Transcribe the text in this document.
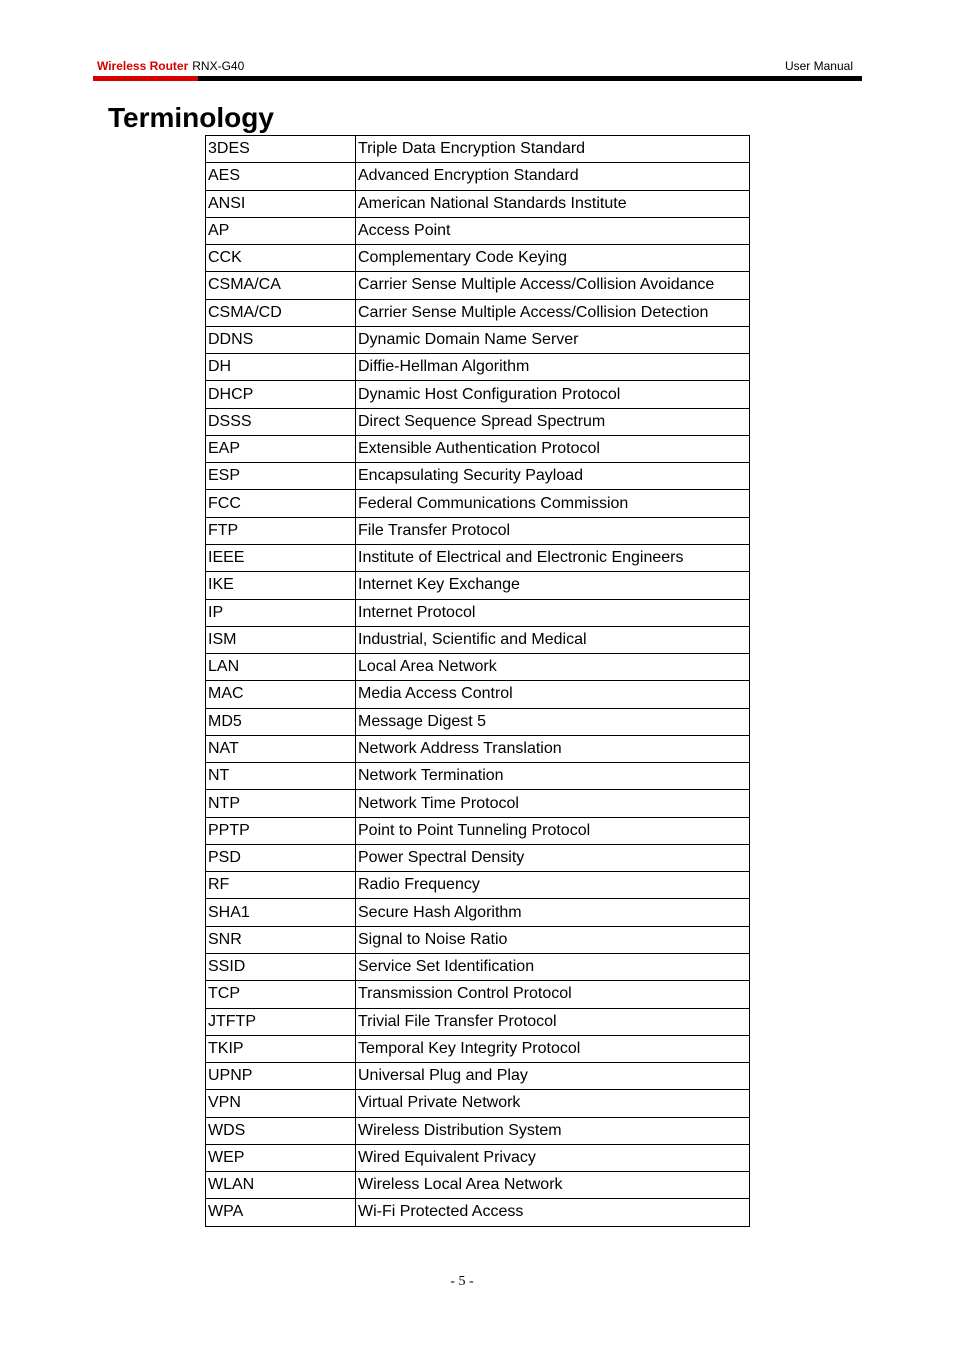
Wireless Router RNX-G40	User Manual
Terminology
3DES	Triple Data Encryption Standard
AES	Advanced Encryption Standard
ANSI	American National Standards Institute
AP	Access Point
CCK	Complementary Code Keying
CSMA/CA	Carrier Sense Multiple Access/Collision Avoidance
CSMA/CD	Carrier Sense Multiple Access/Collision Detection
DDNS	Dynamic Domain Name Server
DH	Diffie-Hellman Algorithm
DHCP	Dynamic Host Configuration Protocol
DSSS	Direct Sequence Spread Spectrum
EAP	Extensible Authentication Protocol
ESP	Encapsulating Security Payload
FCC	Federal Communications Commission
FTP	File Transfer Protocol
IEEE	Institute of Electrical and Electronic Engineers
IKE	Internet Key Exchange
IP	Internet Protocol
ISM	Industrial, Scientific and Medical
LAN	Local Area Network
MAC	Media Access Control
MD5	Message Digest 5
NAT	Network Address Translation
NT	Network Termination
NTP	Network Time Protocol
PPTP	Point to Point Tunneling Protocol
PSD	Power Spectral Density
RF	Radio Frequency
SHA1	Secure Hash Algorithm
SNR	Signal to Noise Ratio
SSID	Service Set Identification
TCP	Transmission Control Protocol
JTFTP	Trivial File Transfer Protocol
TKIP	Temporal Key Integrity Protocol
UPNP	Universal Plug and Play
VPN	Virtual Private Network
WDS	Wireless Distribution System
WEP	Wired Equivalent Privacy
WLAN	Wireless Local Area Network
WPA	Wi-Fi Protected Access
- 5 -
